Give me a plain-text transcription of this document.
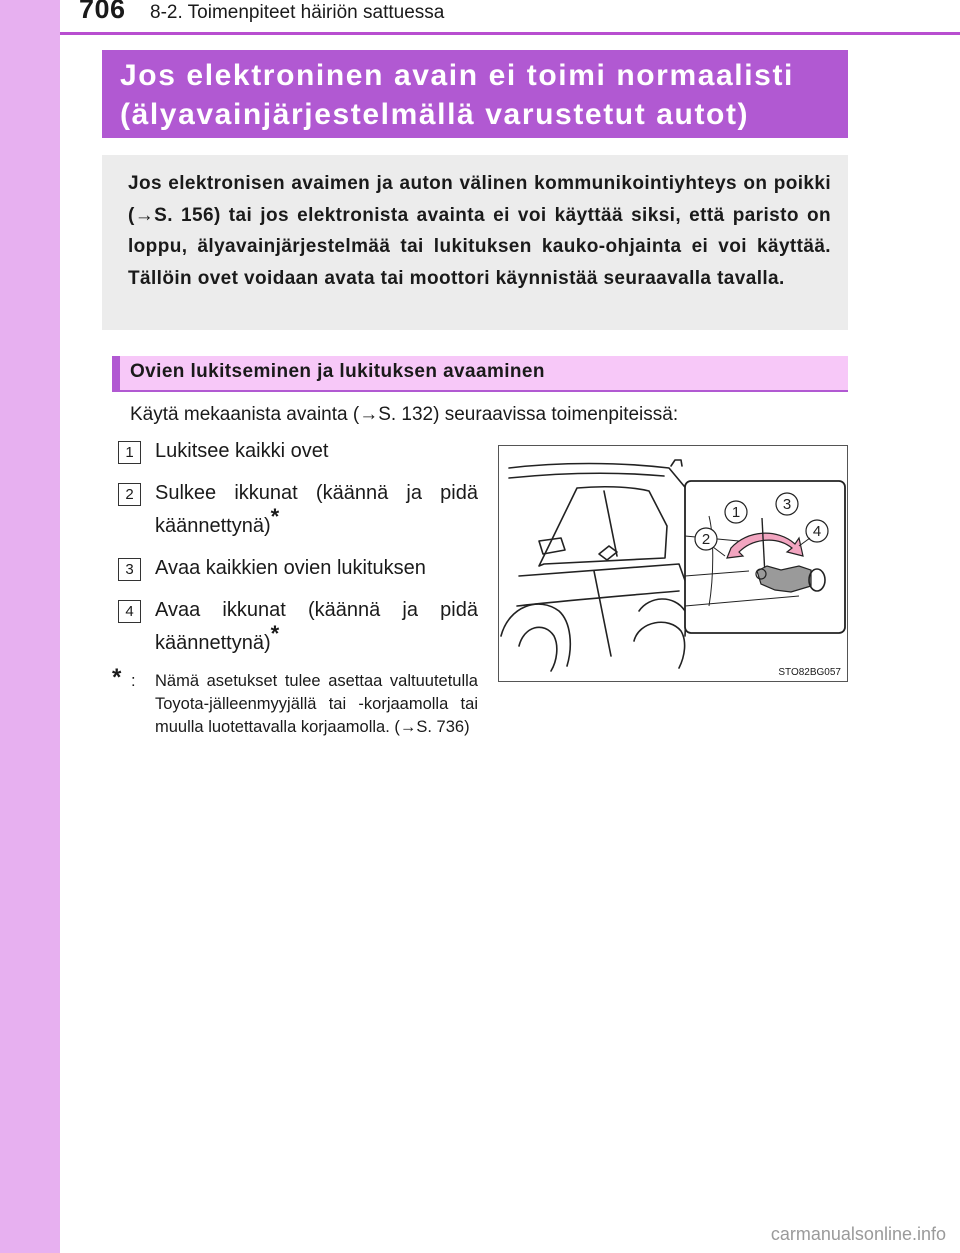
706 8-2. Toimenpiteet häiriön sattuessa
Jos elektroninen avain ei toimi normaalisti
(älyavainjärjestelmällä varustetut autot)
Jos elektronisen avaimen ja auton välinen kommunikointiyhteys on poikki (→S. 156) tai jos elektronista avainta ei voi käyttää siksi, että paristo on loppu, älyavainjärjestelmää tai lukituksen kauko-ohjainta ei voi käyttää. Tällöin ovet voidaan avata tai moottori käynnistää seuraavalla tavalla.
Ovien lukitseminen ja lukituksen avaaminen
Käytä mekaanista avainta (→S. 132) seuraavissa toimenpiteissä:
1	Lukitsee kaikki ovet
2	Sulkee ikkunat (käännä ja pidä käännettynä)*
3	Avaa kaikkien ovien lukituksen
4	Avaa ikkunat (käännä ja pidä käännettynä)*
* : Nämä asetukset tulee asettaa valtuutetulla Toyota-jälleenmyyjällä tai -korjaamolla tai muulla luotettavalla korjaamolla. (→S. 736)
1	3
2	4
STO82BG057
carmanualsonline.info
